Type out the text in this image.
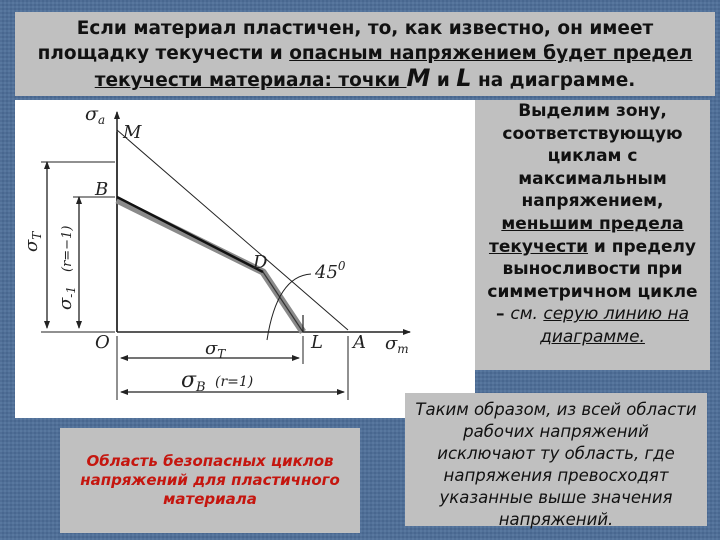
Если материал пластичен, то, как известно, он имеет
площадку текучести и опасным напряжением будет предел
текучести материала: точки M и L на диаграмме.
$\sigma_a$
M
B
D	$45^0$
O	L A $\sigma_m$
$\sigma_T$
$\sigma_{-1}$
(r=−1)
$\sigma_T$
σB (r=1)
Выделим зону, соответствующую циклам с максимальным напряжением, меньшим предела текучести и пределу выносливости при симметричном цикле – см. серую линию на диаграмме.
Область безопасных циклов напряжений для пластичного материала
Таким образом, из всей области рабочих напряжений исключают ту область, где напряжения превосходят указанные выше значения напряжений.
